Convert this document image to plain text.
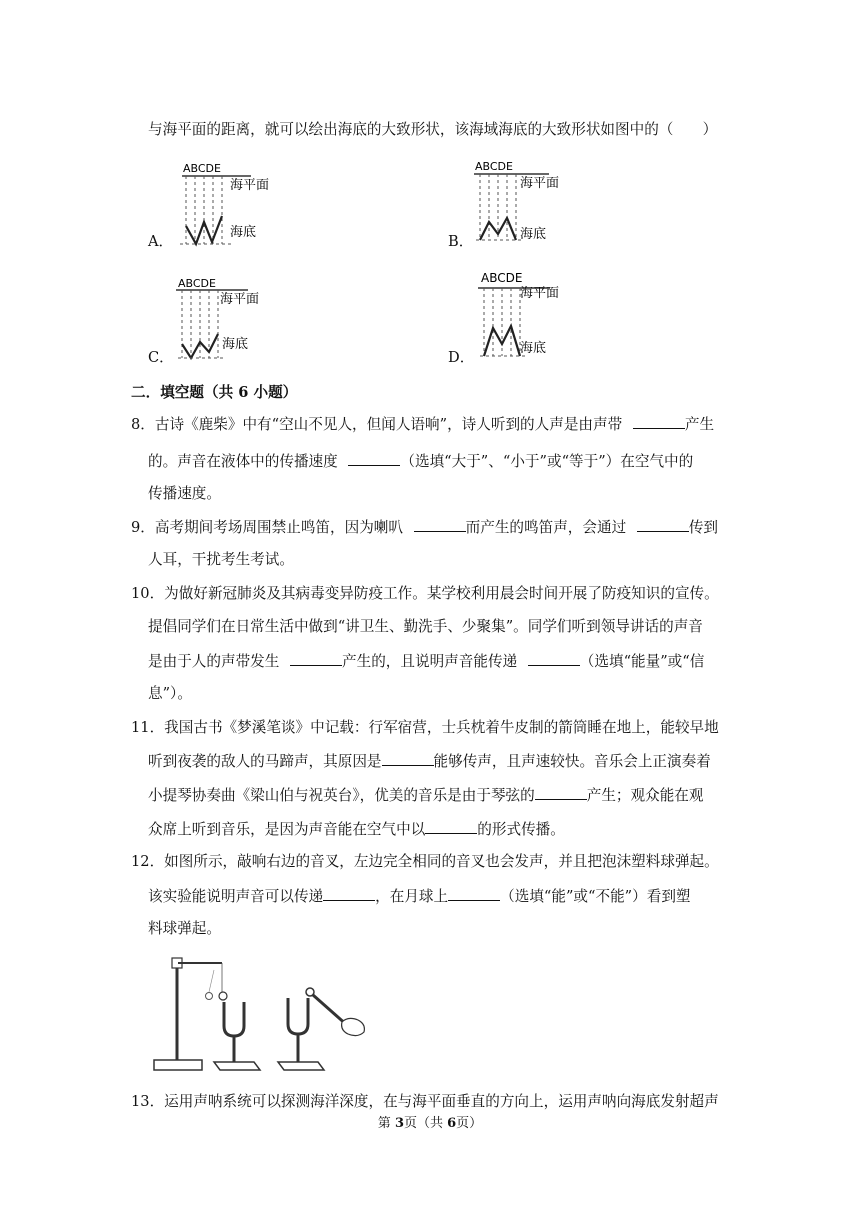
与海平面的距离，就可以绘出海底的大致形状，该海域海底的大致形状如图中的（　　）
A．
ABCDE
海平面
海底
B．
ABCDE
海平面
海底
C．
ABCDE
海平面
海底
D．
ABCDE
海平面
海底
二．填空题（共 6 小题）
8．古诗《鹿柴》中有“空山不见人，但闻人语响”，诗人听到的人声是由声带	产生
的。声音在液体中的传播速度	（选填“大于”、“小于”或“等于”）在空气中的
传播速度。
9．高考期间考场周围禁止鸣笛，因为喇叭	而产生的鸣笛声，会通过	传到
人耳，干扰考生考试。
10．为做好新冠肺炎及其病毒变异防疫工作。某学校利用晨会时间开展了防疫知识的宣传。
提倡同学们在日常生活中做到“讲卫生、勤洗手、少聚集”。同学们听到领导讲话的声音
是由于人的声带发生	产生的，且说明声音能传递	（选填“能量”或“信
息”）。
11．我国古书《梦溪笔谈》中记载：行军宿营，士兵枕着牛皮制的箭筒睡在地上，能较早地
听到夜袭的敌人的马蹄声，其原因是	能够传声，且声速较快。音乐会上正演奏着
小提琴协奏曲《梁山伯与祝英台》，优美的音乐是由于琴弦的	产生；观众能在观
众席上听到音乐，是因为声音能在空气中以	的形式传播。
12．如图所示，敲响右边的音叉，左边完全相同的音叉也会发声，并且把泡沫塑料球弹起。
该实验能说明声音可以传递	，在月球上	（选填“能”或“不能”）看到塑
料球弹起。
13．运用声呐系统可以探测海洋深度，在与海平面垂直的方向上，运用声呐向海底发射超声
第 3页（共 6页）
